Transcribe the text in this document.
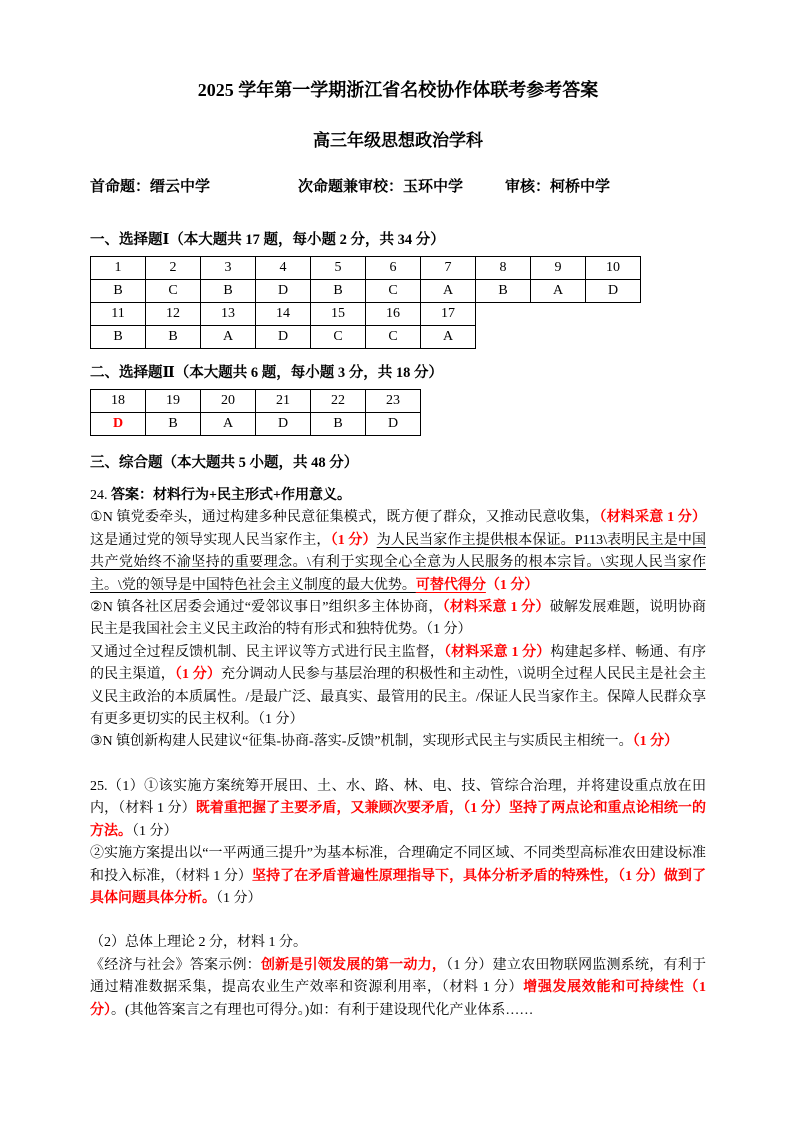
2025 学年第一学期浙江省名校协作体联考参考答案
高三年级思想政治学科
首命题：缙云中学	次命题兼审校：玉环中学	审核：柯桥中学

一、选择题Ⅰ（本大题共 17 题，每小题 2 分，共 34 分）

1	2	3	4	5	6	7	8	9	10
B	C	B	D	B	C	A	B	A	D
11	12	13	14	15	16	17			
B	B	A	D	C	C	A			

二、选择题Ⅱ（本大题共 6 题，每小题 3 分，共 18 分）

18	19	20	21	22	23
D	B	A	D	B	D

三、综合题（本大题共 5 小题，共 48 分）

24. 答案：材料行为+民主形式+作用意义。

①N 镇党委牵头，通过构建多种民意征集模式，既方便了群众，又推动民意收集，（材料采意 1 分）这是通过党的领导实现人民当家作主，（1 分）为人民当家作主提供根本保证。P113\表明民主是中国共产党始终不渝坚持的重要理念。\有利于实现全心全意为人民服务的根本宗旨。\实现人民当家作主。\党的领导是中国特色社会主义制度的最大优势。可替代得分（1 分）

②N 镇各社区居委会通过“爱邻议事日”组织多主体协商，（材料采意 1 分）破解发展难题，说明协商民主是我国社会主义民主政治的特有形式和独特优势。（1 分）

又通过全过程反馈机制、民主评议等方式进行民主监督，（材料采意 1 分）构建起多样、畅通、有序的民主渠道，（1 分）充分调动人民参与基层治理的积极性和主动性，\说明全过程人民民主是社会主义民主政治的本质属性。/是最广泛、最真实、最管用的民主。/保证人民当家作主。保障人民群众享有更多更切实的民主权利。（1 分）

③N 镇创新构建人民建议“征集-协商-落实-反馈”机制，实现形式民主与实质民主相统一。（1 分）

25.（1）①该实施方案统筹开展田、土、水、路、林、电、技、管综合治理，并将建设重点放在田内，（材料 1 分）既着重把握了主要矛盾，又兼顾次要矛盾，（1 分）坚持了两点论和重点论相统一的方法。（1 分）

②实施方案提出以“一平两通三提升”为基本标准，合理确定不同区域、不同类型高标准农田建设标准和投入标准，（材料 1 分）坚持了在矛盾普遍性原理指导下，具体分析矛盾的特殊性，（1 分）做到了具体问题具体分析。（1 分）

（2）总体上理论 2 分，材料 1 分。

《经济与社会》答案示例：创新是引领发展的第一动力，（1 分）建立农田物联网监测系统，有利于通过精准数据采集，提高农业生产效率和资源利用率，（材料 1 分）增强发展效能和可持续性（1 分）。(其他答案言之有理也可得分。)如：有利于建设现代化产业体系……
